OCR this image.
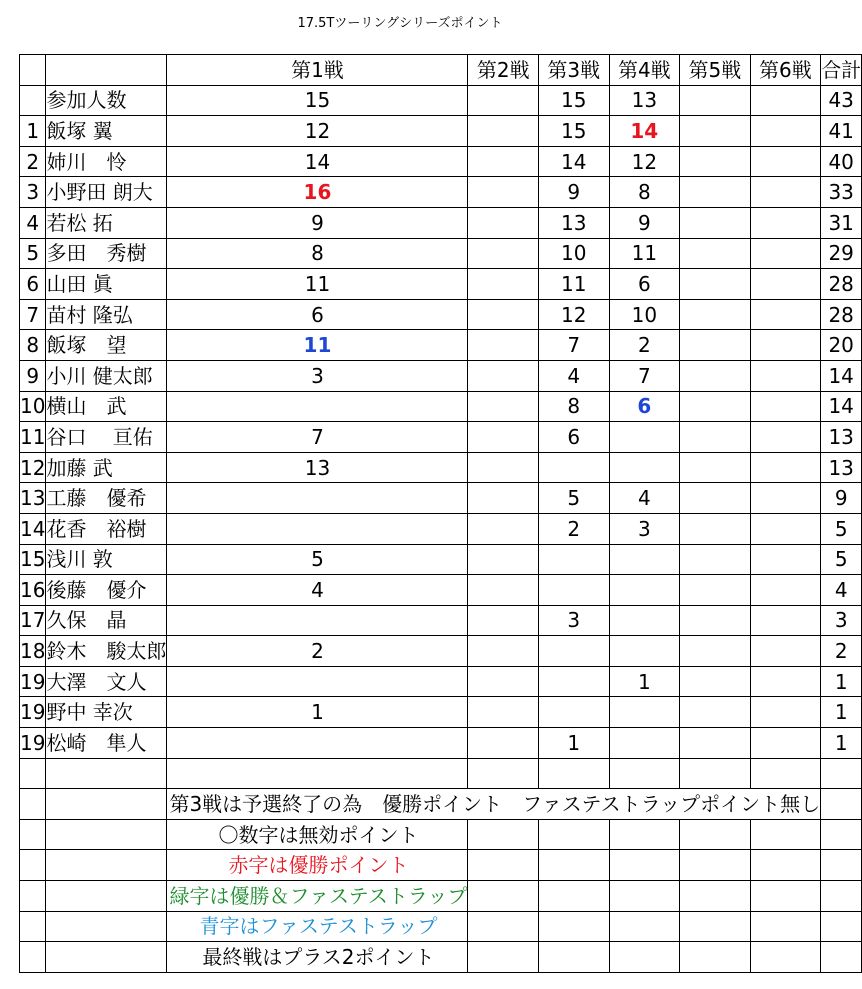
17.5Tツーリングシリーズポイント
		第1戦	第2戦	第3戦	第4戦	第5戦	第6戦	合計
	参加人数	15		15	13			43
1	飯塚 翼	12		15	14			41
2	姉川　怜	14		14	12			40
3	小野田 朗大	16		9	8			33
4	若松 拓	9		13	9			31
5	多田　秀樹	8		10	11			29
6	山田 眞	11		11	6			28
7	苗村 隆弘	6		12	10			28
8	飯塚　望	11		7	2			20
9	小川 健太郎	3		4	7			14
10	横山　武			8	6			14
11	谷口　 亘佑	7		6				13
12	加藤 武	13						13
13	工藤　優希			5	4			9
14	花香　裕樹			2	3			5
15	浅川 敦	5						5
16	後藤　優介	4						4
17	久保　晶			3				3
18	鈴木　駿太郎	2						2
19	大澤　文人				1			1
19	野中 幸次	1						1
19	松崎　隼人			1				1

		第3戦は予選終了の為　優勝ポイント　ファステストラップポイント無し						
		〇数字は無効ポイント						
		赤字は優勝ポイント						
		緑字は優勝＆ファステストラップ						
		青字はファステストラップ						
		最終戦はプラス2ポイント						
